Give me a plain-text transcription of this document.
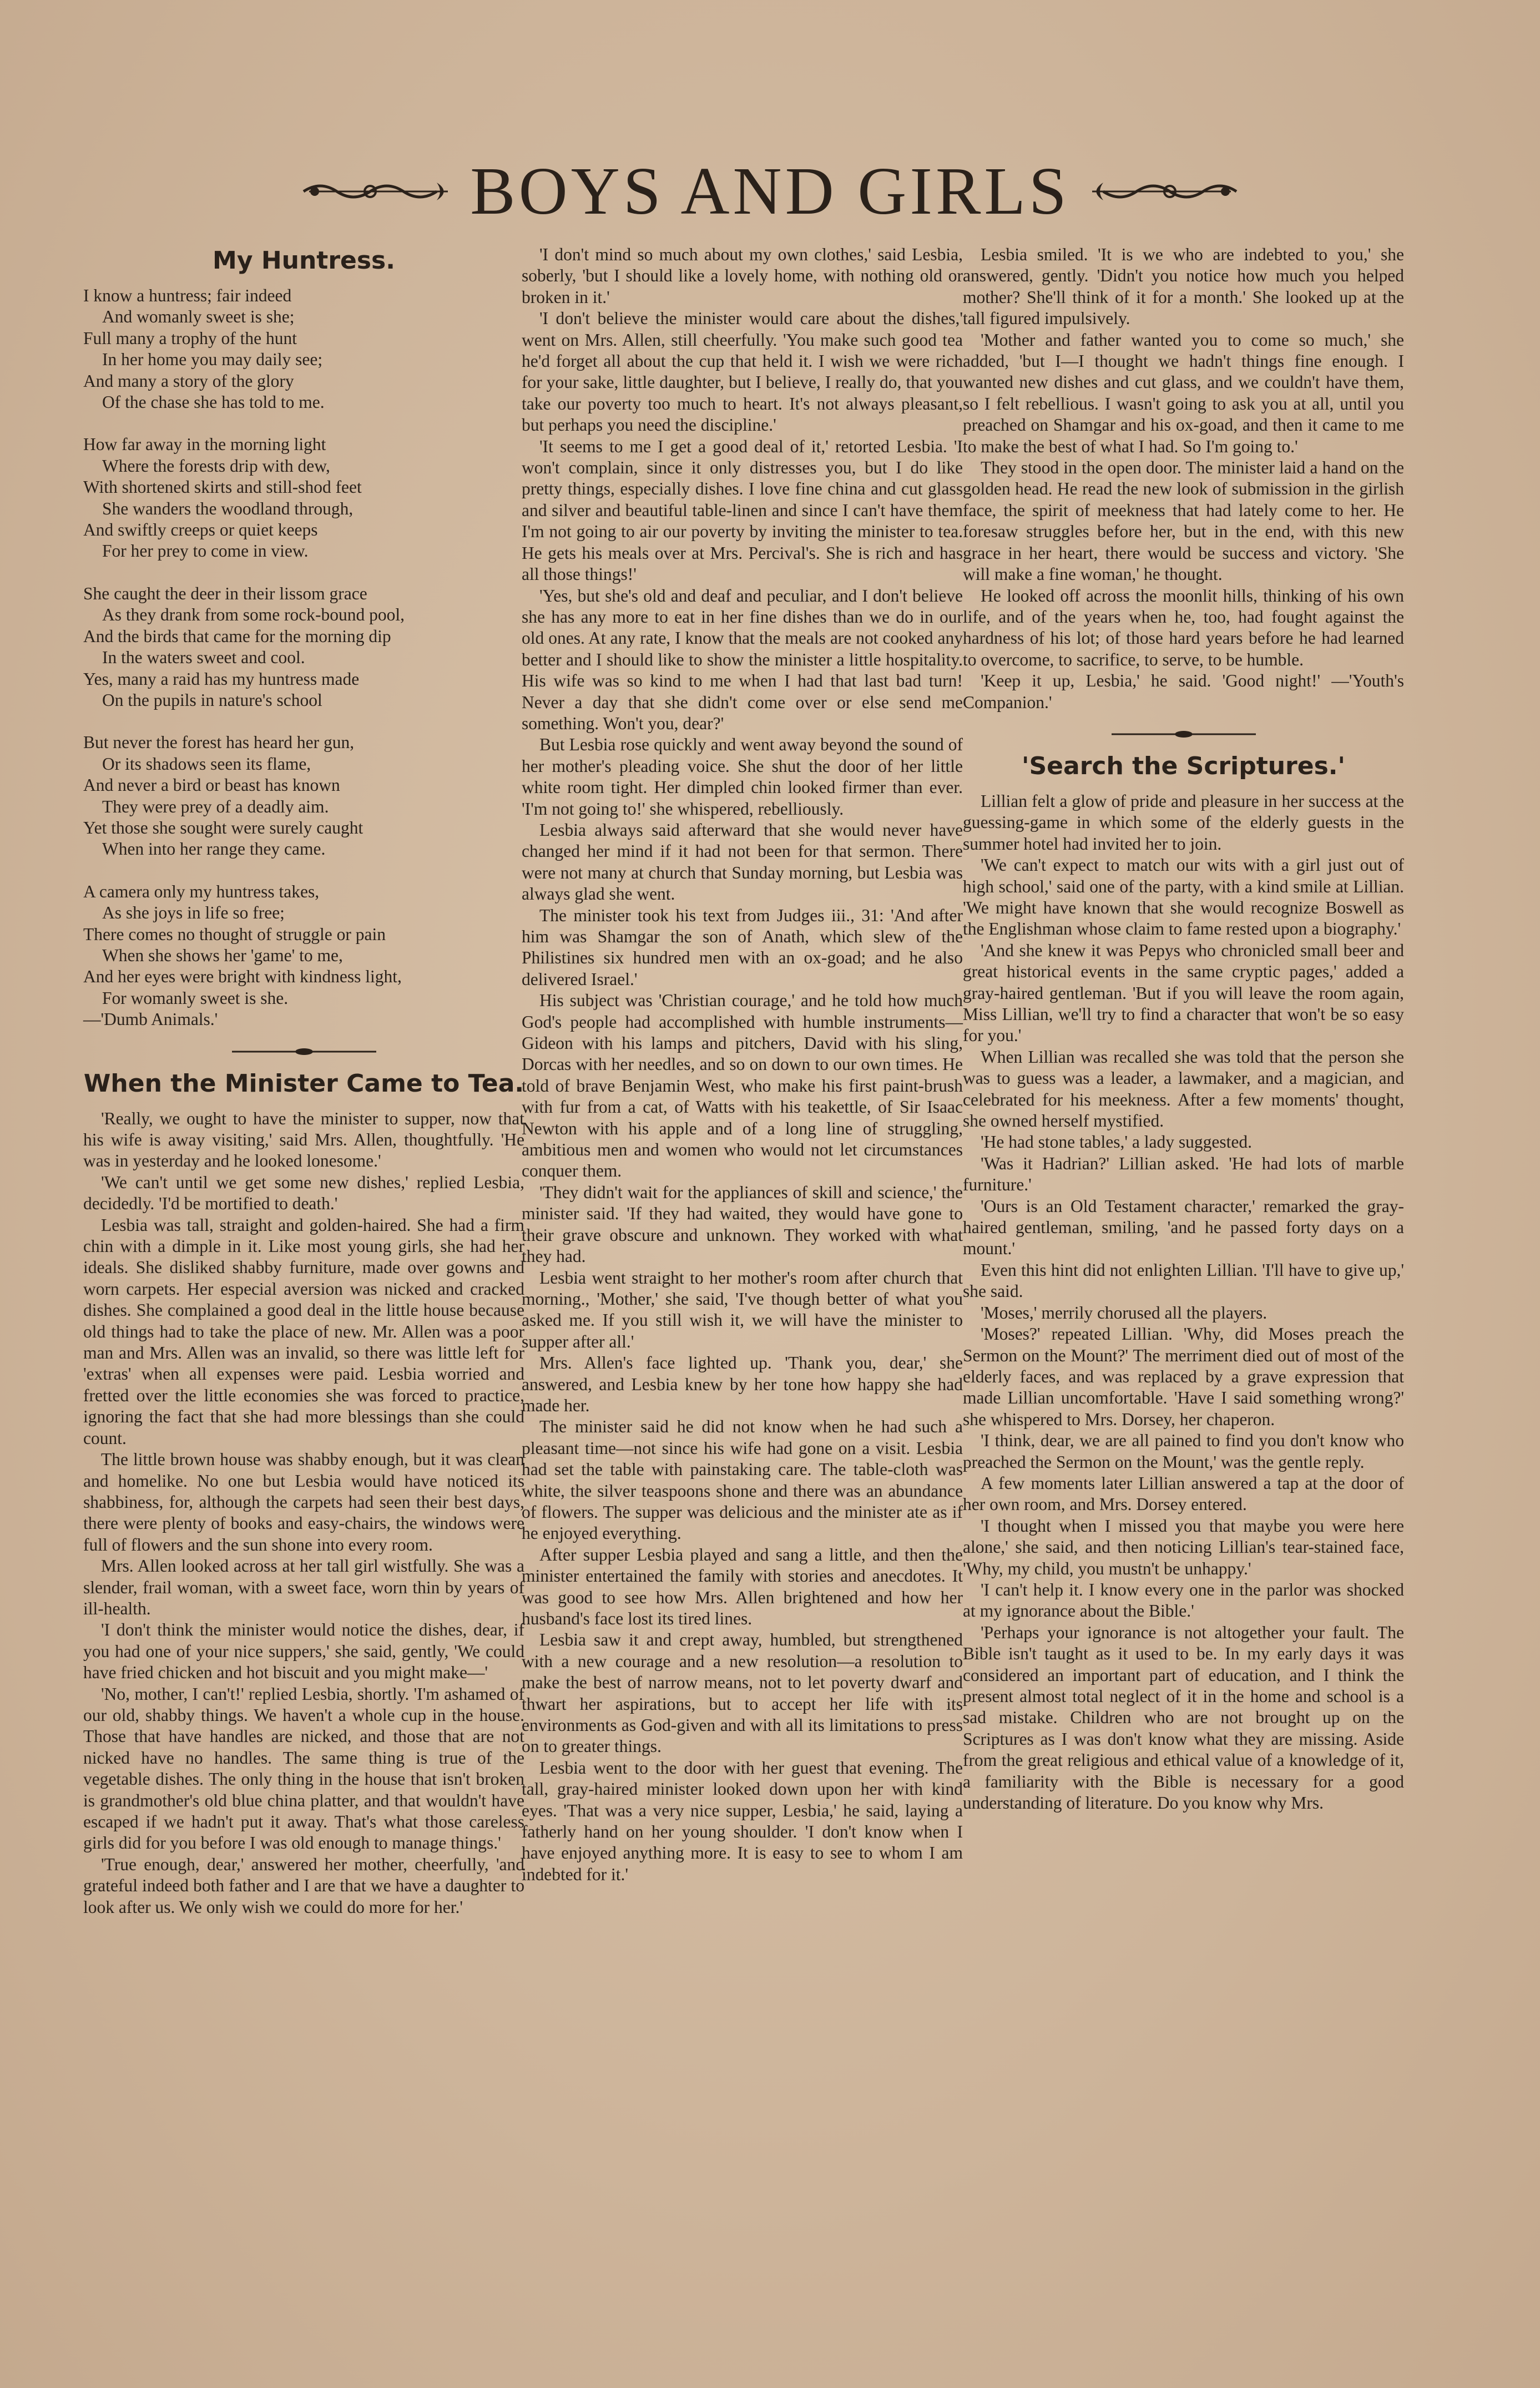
BOYS AND GIRLS
My Huntress.

I know a huntress; fair indeed

And womanly sweet is she;

Full many a trophy of the hunt

In her home you may daily see;

And many a story of the glory

Of the chase she has told to me.

How far away in the morning light

Where the forests drip with dew,

With shortened skirts and still-shod feet

She wanders the woodland through,

And swiftly creeps or quiet keeps

For her prey to come in view.

She caught the deer in their lissom grace

As they drank from some rock-bound pool,

And the birds that came for the morning dip

In the waters sweet and cool.

Yes, many a raid has my huntress made

On the pupils in nature's school

But never the forest has heard her gun,

Or its shadows seen its flame,

And never a bird or beast has known

They were prey of a deadly aim.

Yet those she sought were surely caught

When into her range they came.

A camera only my huntress takes,

As she joys in life so free;

There comes no thought of struggle or pain

When she shows her 'game' to me,

And her eyes were bright with kindness light,

For womanly sweet is she.

—'Dumb Animals.'

When the Minister Came to Tea.

'Really, we ought to have the minister to supper, now that his wife is away visiting,' said Mrs. Allen, thoughtfully. 'He was in yesterday and he looked lonesome.'

'We can't until we get some new dishes,' replied Lesbia, decidedly. 'I'd be mortified to death.'

Lesbia was tall, straight and golden-haired. She had a firm chin with a dimple in it. Like most young girls, she had her ideals. She disliked shabby furniture, made over gowns and worn carpets. Her especial aversion was nicked and cracked dishes. She complained a good deal in the little house because old things had to take the place of new. Mr. Allen was a poor man and Mrs. Allen was an invalid, so there was little left for 'extras' when all expenses were paid. Lesbia worried and fretted over the little economies she was forced to practice, ignoring the fact that she had more blessings than she could count.

The little brown house was shabby enough, but it was clean and homelike. No one but Lesbia would have noticed its shabbiness, for, although the carpets had seen their best days, there were plenty of books and easy-chairs, the windows were full of flowers and the sun shone into every room.

Mrs. Allen looked across at her tall girl wistfully. She was a slender, frail woman, with a sweet face, worn thin by years of ill-health.

'I don't think the minister would notice the dishes, dear, if you had one of your nice suppers,' she said, gently, 'We could have fried chicken and hot biscuit and you might make—'

'No, mother, I can't!' replied Lesbia, shortly. 'I'm ashamed of our old, shabby things. We haven't a whole cup in the house. Those that have handles are nicked, and those that are not nicked have no handles. The same thing is true of the vegetable dishes. The only thing in the house that isn't broken is grandmother's old blue china platter, and that wouldn't have escaped if we hadn't put it away. That's what those careless girls did for you before I was old enough to manage things.'

'True enough, dear,' answered her mother, cheerfully, 'and grateful indeed both father and I are that we have a daughter to look after us. We only wish we could do more for her.'

'I don't mind so much about my own clothes,' said Lesbia, soberly, 'but I should like a lovely home, with nothing old or broken in it.'

'I don't believe the minister would care about the dishes,' went on Mrs. Allen, still cheerfully. 'You make such good tea he'd forget all about the cup that held it. I wish we were rich for your sake, little daughter, but I believe, I really do, that you take our poverty too much to heart. It's not always pleasant, but perhaps you need the discipline.'

'It seems to me I get a good deal of it,' retorted Lesbia. 'I won't complain, since it only distresses you, but I do like pretty things, especially dishes. I love fine china and cut glass and silver and beautiful table-linen and since I can't have them I'm not going to air our poverty by inviting the minister to tea. He gets his meals over at Mrs. Percival's. She is rich and has all those things!'

'Yes, but she's old and deaf and peculiar, and I don't believe she has any more to eat in her fine dishes than we do in our old ones. At any rate, I know that the meals are not cooked any better and I should like to show the minister a little hospitality. His wife was so kind to me when I had that last bad turn! Never a day that she didn't come over or else send me something. Won't you, dear?'

But Lesbia rose quickly and went away beyond the sound of her mother's pleading voice. She shut the door of her little white room tight. Her dimpled chin looked firmer than ever. 'I'm not going to!' she whispered, rebelliously.

Lesbia always said afterward that she would never have changed her mind if it had not been for that sermon. There were not many at church that Sunday morning, but Lesbia was always glad she went.

The minister took his text from Judges iii., 31: 'And after him was Shamgar the son of Anath, which slew of the Philistines six hundred men with an ox-goad; and he also delivered Israel.'

His subject was 'Christian courage,' and he told how much God's people had accomplished with humble instruments—Gideon with his lamps and pitchers, David with his sling, Dorcas with her needles, and so on down to our own times. He told of brave Benjamin West, who make his first paint-brush with fur from a cat, of Watts with his teakettle, of Sir Isaac Newton with his apple and of a long line of struggling, ambitious men and women who would not let circumstances conquer them.

'They didn't wait for the appliances of skill and science,' the minister said. 'If they had waited, they would have gone to their grave obscure and unknown. They worked with what they had.

Lesbia went straight to her mother's room after church that morning., 'Mother,' she said, 'I've though better of what you asked me. If you still wish it, we will have the minister to supper after all.'

Mrs. Allen's face lighted up. 'Thank you, dear,' she answered, and Lesbia knew by her tone how happy she had made her.

The minister said he did not know when he had such a pleasant time—not since his wife had gone on a visit. Lesbia had set the table with painstaking care. The table-cloth was white, the silver teaspoons shone and there was an abundance of flowers. The supper was delicious and the minister ate as if he enjoyed everything.

After supper Lesbia played and sang a little, and then the minister entertained the family with stories and anecdotes. It was good to see how Mrs. Allen brightened and how her husband's face lost its tired lines.

Lesbia saw it and crept away, humbled, but strengthened with a new courage and a new resolution—a resolution to make the best of narrow means, not to let poverty dwarf and thwart her aspirations, but to accept her life with its environments as God-given and with all its limitations to press on to greater things.

Lesbia went to the door with her guest that evening. The tall, gray-haired minister looked down upon her with kind eyes. 'That was a very nice supper, Lesbia,' he said, laying a fatherly hand on her young shoulder. 'I don't know when I have enjoyed anything more. It is easy to see to whom I am indebted for it.'

Lesbia smiled. 'It is we who are indebted to you,' she answered, gently. 'Didn't you notice how much you helped mother? She'll think of it for a month.' She looked up at the tall figured impulsively.

'Mother and father wanted you to come so much,' she added, 'but I—I thought we hadn't things fine enough. I wanted new dishes and cut glass, and we couldn't have them, so I felt rebellious. I wasn't going to ask you at all, until you preached on Shamgar and his ox-goad, and then it came to me to make the best of what I had. So I'm going to.'

They stood in the open door. The minister laid a hand on the golden head. He read the new look of submission in the girlish face, the spirit of meekness that had lately come to her. He foresaw struggles before her, but in the end, with this new grace in her heart, there would be success and victory. 'She will make a fine woman,' he thought.

He looked off across the moonlit hills, thinking of his own life, and of the years when he, too, had fought against the hardness of his lot; of those hard years before he had learned to overcome, to sacrifice, to serve, to be humble.

'Keep it up, Lesbia,' he said. 'Good night!' —'Youth's Companion.'

'Search the Scriptures.'

Lillian felt a glow of pride and pleasure in her success at the guessing-game in which some of the elderly guests in the summer hotel had invited her to join.

'We can't expect to match our wits with a girl just out of high school,' said one of the party, with a kind smile at Lillian. 'We might have known that she would recognize Boswell as the Englishman whose claim to fame rested upon a biography.'

'And she knew it was Pepys who chronicled small beer and great historical events in the same cryptic pages,' added a gray-haired gentleman. 'But if you will leave the room again, Miss Lillian, we'll try to find a character that won't be so easy for you.'

When Lillian was recalled she was told that the person she was to guess was a leader, a lawmaker, and a magician, and celebrated for his meekness. After a few moments' thought, she owned herself mystified.

'He had stone tables,' a lady suggested.

'Was it Hadrian?' Lillian asked. 'He had lots of marble furniture.'

'Ours is an Old Testament character,' remarked the gray-haired gentleman, smiling, 'and he passed forty days on a mount.'

Even this hint did not enlighten Lillian. 'I'll have to give up,' she said.

'Moses,' merrily chorused all the players.

'Moses?' repeated Lillian. 'Why, did Moses preach the Sermon on the Mount?' The merriment died out of most of the elderly faces, and was replaced by a grave expression that made Lillian uncomfortable. 'Have I said something wrong?' she whispered to Mrs. Dorsey, her chaperon.

'I think, dear, we are all pained to find you don't know who preached the Sermon on the Mount,' was the gentle reply.

A few moments later Lillian answered a tap at the door of her own room, and Mrs. Dorsey entered.

'I thought when I missed you that maybe you were here alone,' she said, and then noticing Lillian's tear-stained face, 'Why, my child, you mustn't be unhappy.'

'I can't help it. I know every one in the parlor was shocked at my ignorance about the Bible.'

'Perhaps your ignorance is not altogether your fault. The Bible isn't taught as it used to be. In my early days it was considered an important part of education, and I think the present almost total neglect of it in the home and school is a sad mistake. Children who are not brought up on the Scriptures as I was don't know what they are missing. Aside from the great religious and ethical value of a knowledge of it, a familiarity with the Bible is necessary for a good understanding of literature. Do you know why Mrs.
